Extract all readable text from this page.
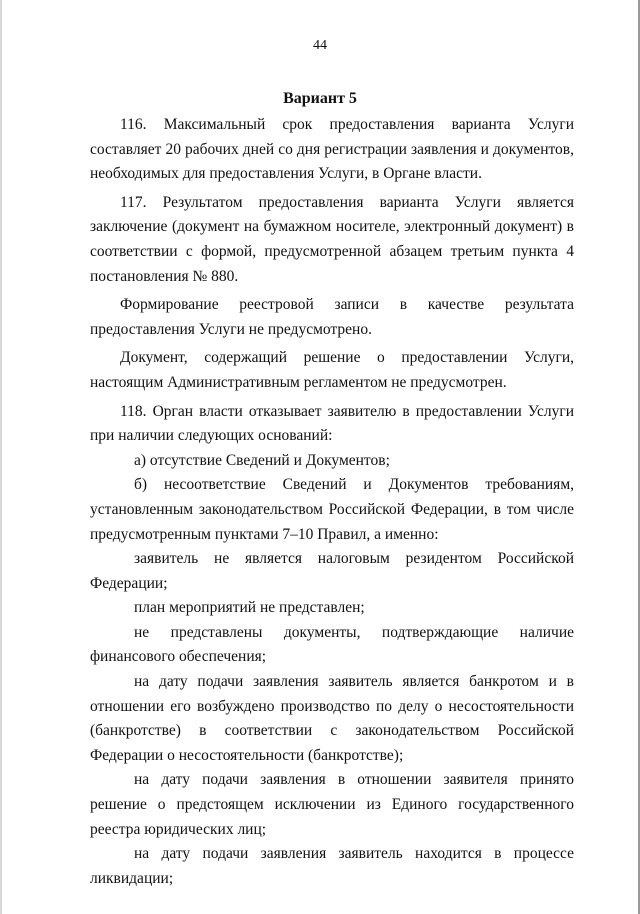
44
Вариант 5

116. Максимальный срок предоставления варианта Услуги составляет 20 рабочих дней со дня регистрации заявления и документов, необходимых для предоставления Услуги, в Органе власти.

117. Результатом предоставления варианта Услуги является заключение (документ на бумажном носителе, электронный документ) в соответствии с формой, предусмотренной абзацем третьим пункта 4 постановления № 880.

Формирование реестровой записи в качестве результата предоставления Услуги не предусмотрено.

Документ, содержащий решение о предоставлении Услуги, настоящим Административным регламентом не предусмотрен.

118. Орган власти отказывает заявителю в предоставлении Услуги при наличии следующих оснований:

а) отсутствие Сведений и Документов;

б) несоответствие Сведений и Документов требованиям, установленным законодательством Российской Федерации, в том числе предусмотренным пунктами 7–10 Правил, а именно:

заявитель не является налоговым резидентом Российской Федерации;

план мероприятий не представлен;

не представлены документы, подтверждающие наличие финансового обеспечения;

на дату подачи заявления заявитель является банкротом и в отношении его возбуждено производство по делу о несостоятельности (банкротстве) в соответствии с законодательством Российской Федерации о несостоятельности (банкротстве);

на дату подачи заявления в отношении заявителя принято решение о предстоящем исключении из Единого государственного реестра юридических лиц;

на дату подачи заявления заявитель находится в процессе ликвидации;
